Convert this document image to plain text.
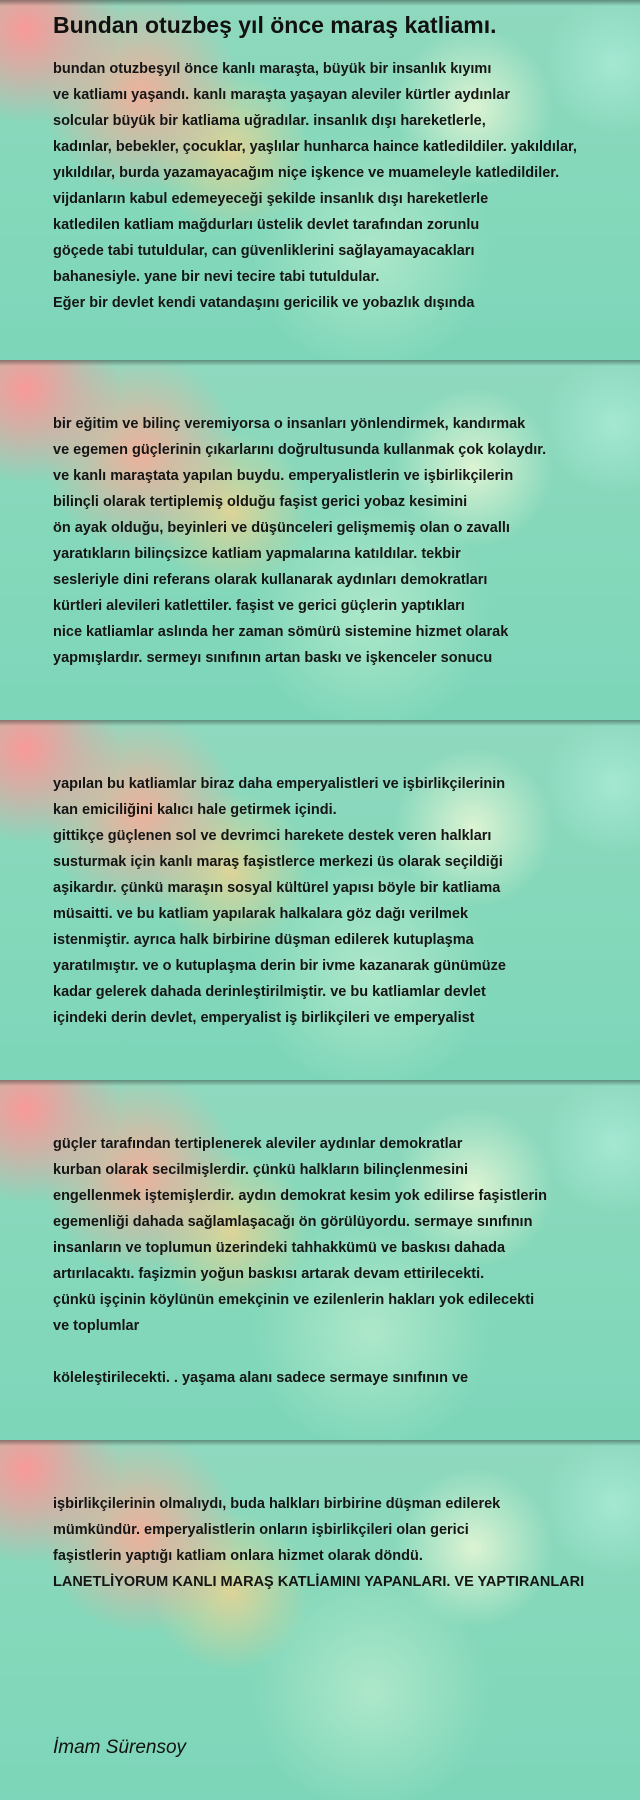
Bundan otuzbeş yıl önce maraş katliamı.
bundan otuzbeşyıl önce kanlı maraşta, büyük bir insanlık kıyımı
ve katliamı yaşandı. kanlı maraşta yaşayan aleviler kürtler aydınlar
solcular büyük bir katliama uğradılar. insanlık dışı hareketlerle,
kadınlar, bebekler, çocuklar, yaşlılar hunharca haince katledildiler. yakıldılar,
yıkıldılar, burda yazamayacağım niçe işkence ve muameleyle katledildiler.
vijdanların kabul edemeyeceği şekilde insanlık dışı hareketlerle
katledilen katliam mağdurları üstelik devlet tarafından zorunlu
göçede tabi tutuldular, can güvenliklerini sağlayamayacakları
bahanesiyle. yane bir nevi tecire tabi tutuldular.
Eğer bir devlet kendi vatandaşını gericilik ve yobazlık dışında
bir eğitim ve bilinç veremiyorsa o insanları yönlendirmek, kandırmak
ve egemen güçlerinin çıkarlarını doğrultusunda kullanmak çok kolaydır.
ve kanlı maraştata yapılan buydu. emperyalistlerin ve işbirlikçilerin
bilinçli olarak tertiplemiş olduğu faşist gerici yobaz kesimini
ön ayak olduğu, beyinleri ve düşünceleri gelişmemiş olan o zavallı
yaratıkların bilinçsizce katliam yapmalarına katıldılar. tekbir
sesleriyle dini referans olarak kullanarak aydınları demokratları
kürtleri alevileri katlettiler. faşist ve gerici güçlerin yaptıkları
nice katliamlar aslında her zaman sömürü sistemine hizmet olarak
yapmışlardır. sermeyı sınıfının artan baskı ve işkenceler sonucu
yapılan bu katliamlar biraz daha emperyalistleri ve işbirlikçilerinin
kan emiciliğini kalıcı hale getirmek içindi.
gittikçe güçlenen sol ve devrimci harekete destek veren halkları
susturmak için kanlı maraş faşistlerce merkezi üs olarak seçildiği
aşikardır. çünkü maraşın sosyal kültürel yapısı böyle bir katliama
müsaitti. ve bu katliam yapılarak halkalara göz dağı verilmek
istenmiştir. ayrıca halk birbirine düşman edilerek kutuplaşma
yaratılmıştır. ve o kutuplaşma derin bir ivme kazanarak günümüze
kadar gelerek dahada derinleştirilmiştir. ve bu katliamlar devlet
içindeki derin devlet, emperyalist iş birlikçileri ve emperyalist
güçler tarafından tertiplenerek aleviler aydınlar demokratlar
kurban olarak secilmişlerdir. çünkü halkların bilinçlenmesini
engellenmek iştemişlerdir. aydın demokrat kesim yok edilirse faşistlerin
egemenliği dahada sağlamlaşacağı ön görülüyordu. sermaye sınıfının
insanların ve toplumun üzerindeki tahhakkümü ve baskısı dahada
artırılacaktı. faşizmin yoğun baskısı artarak devam ettirilecekti.
çünkü işçinin köylünün emekçinin ve ezilenlerin hakları yok edilecekti
ve toplumlar
köleleştirilecekti. . yaşama alanı sadece sermaye sınıfının ve
işbirlikçilerinin olmalıydı, buda halkları birbirine düşman edilerek
mümkündür. emperyalistlerin onların işbirlikçileri olan gerici
faşistlerin yaptığı katliam onlara hizmet olarak döndü.
LANETLİYORUM KANLI MARAŞ KATLİAMINI YAPANLARI. VE YAPTIRANLARI
İmam Sürensoy
